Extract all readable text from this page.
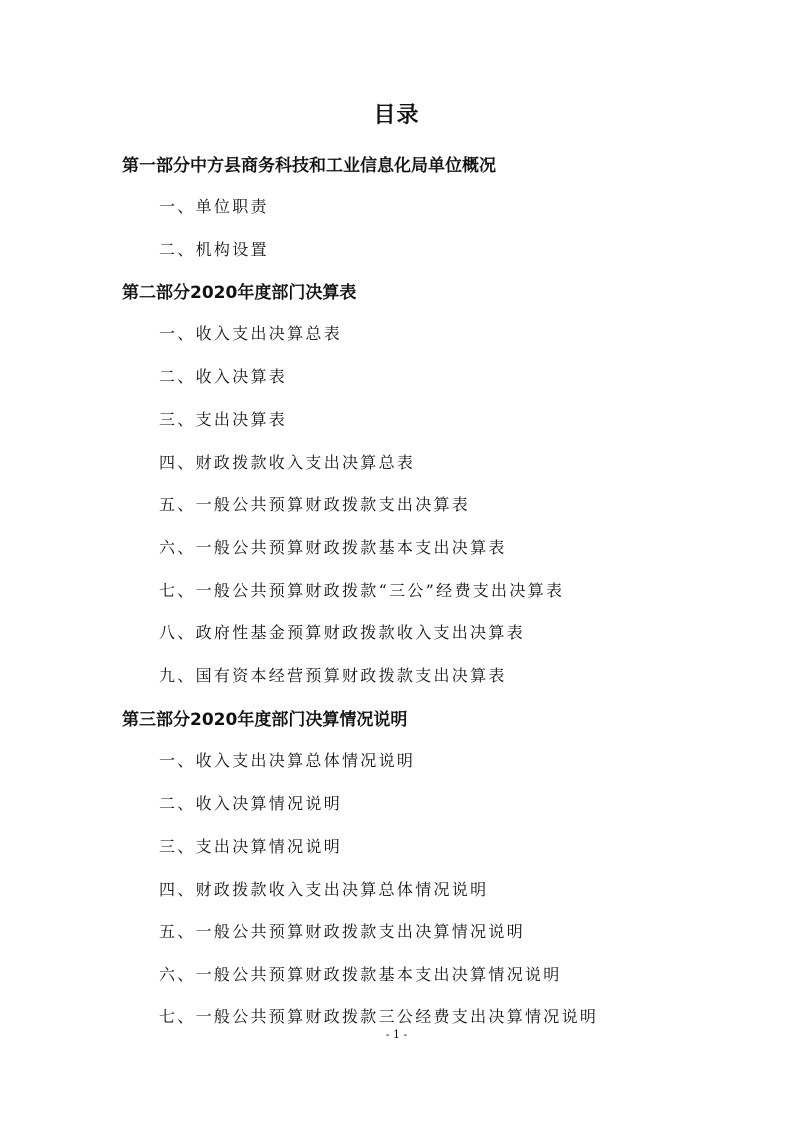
目录
第一部分中方县商务科技和工业信息化局单位概况
一、单位职责
二、机构设置
第二部分2020年度部门决算表
一、收入支出决算总表
二、收入决算表
三、支出决算表
四、财政拨款收入支出决算总表
五、一般公共预算财政拨款支出决算表
六、一般公共预算财政拨款基本支出决算表
七、一般公共预算财政拨款“三公”经费支出决算表
八、政府性基金预算财政拨款收入支出决算表
九、国有资本经营预算财政拨款支出决算表
第三部分2020年度部门决算情况说明
一、收入支出决算总体情况说明
二、收入决算情况说明
三、支出决算情况说明
四、财政拨款收入支出决算总体情况说明
五、一般公共预算财政拨款支出决算情况说明
六、一般公共预算财政拨款基本支出决算情况说明
七、一般公共预算财政拨款三公经费支出决算情况说明
- 1 -
